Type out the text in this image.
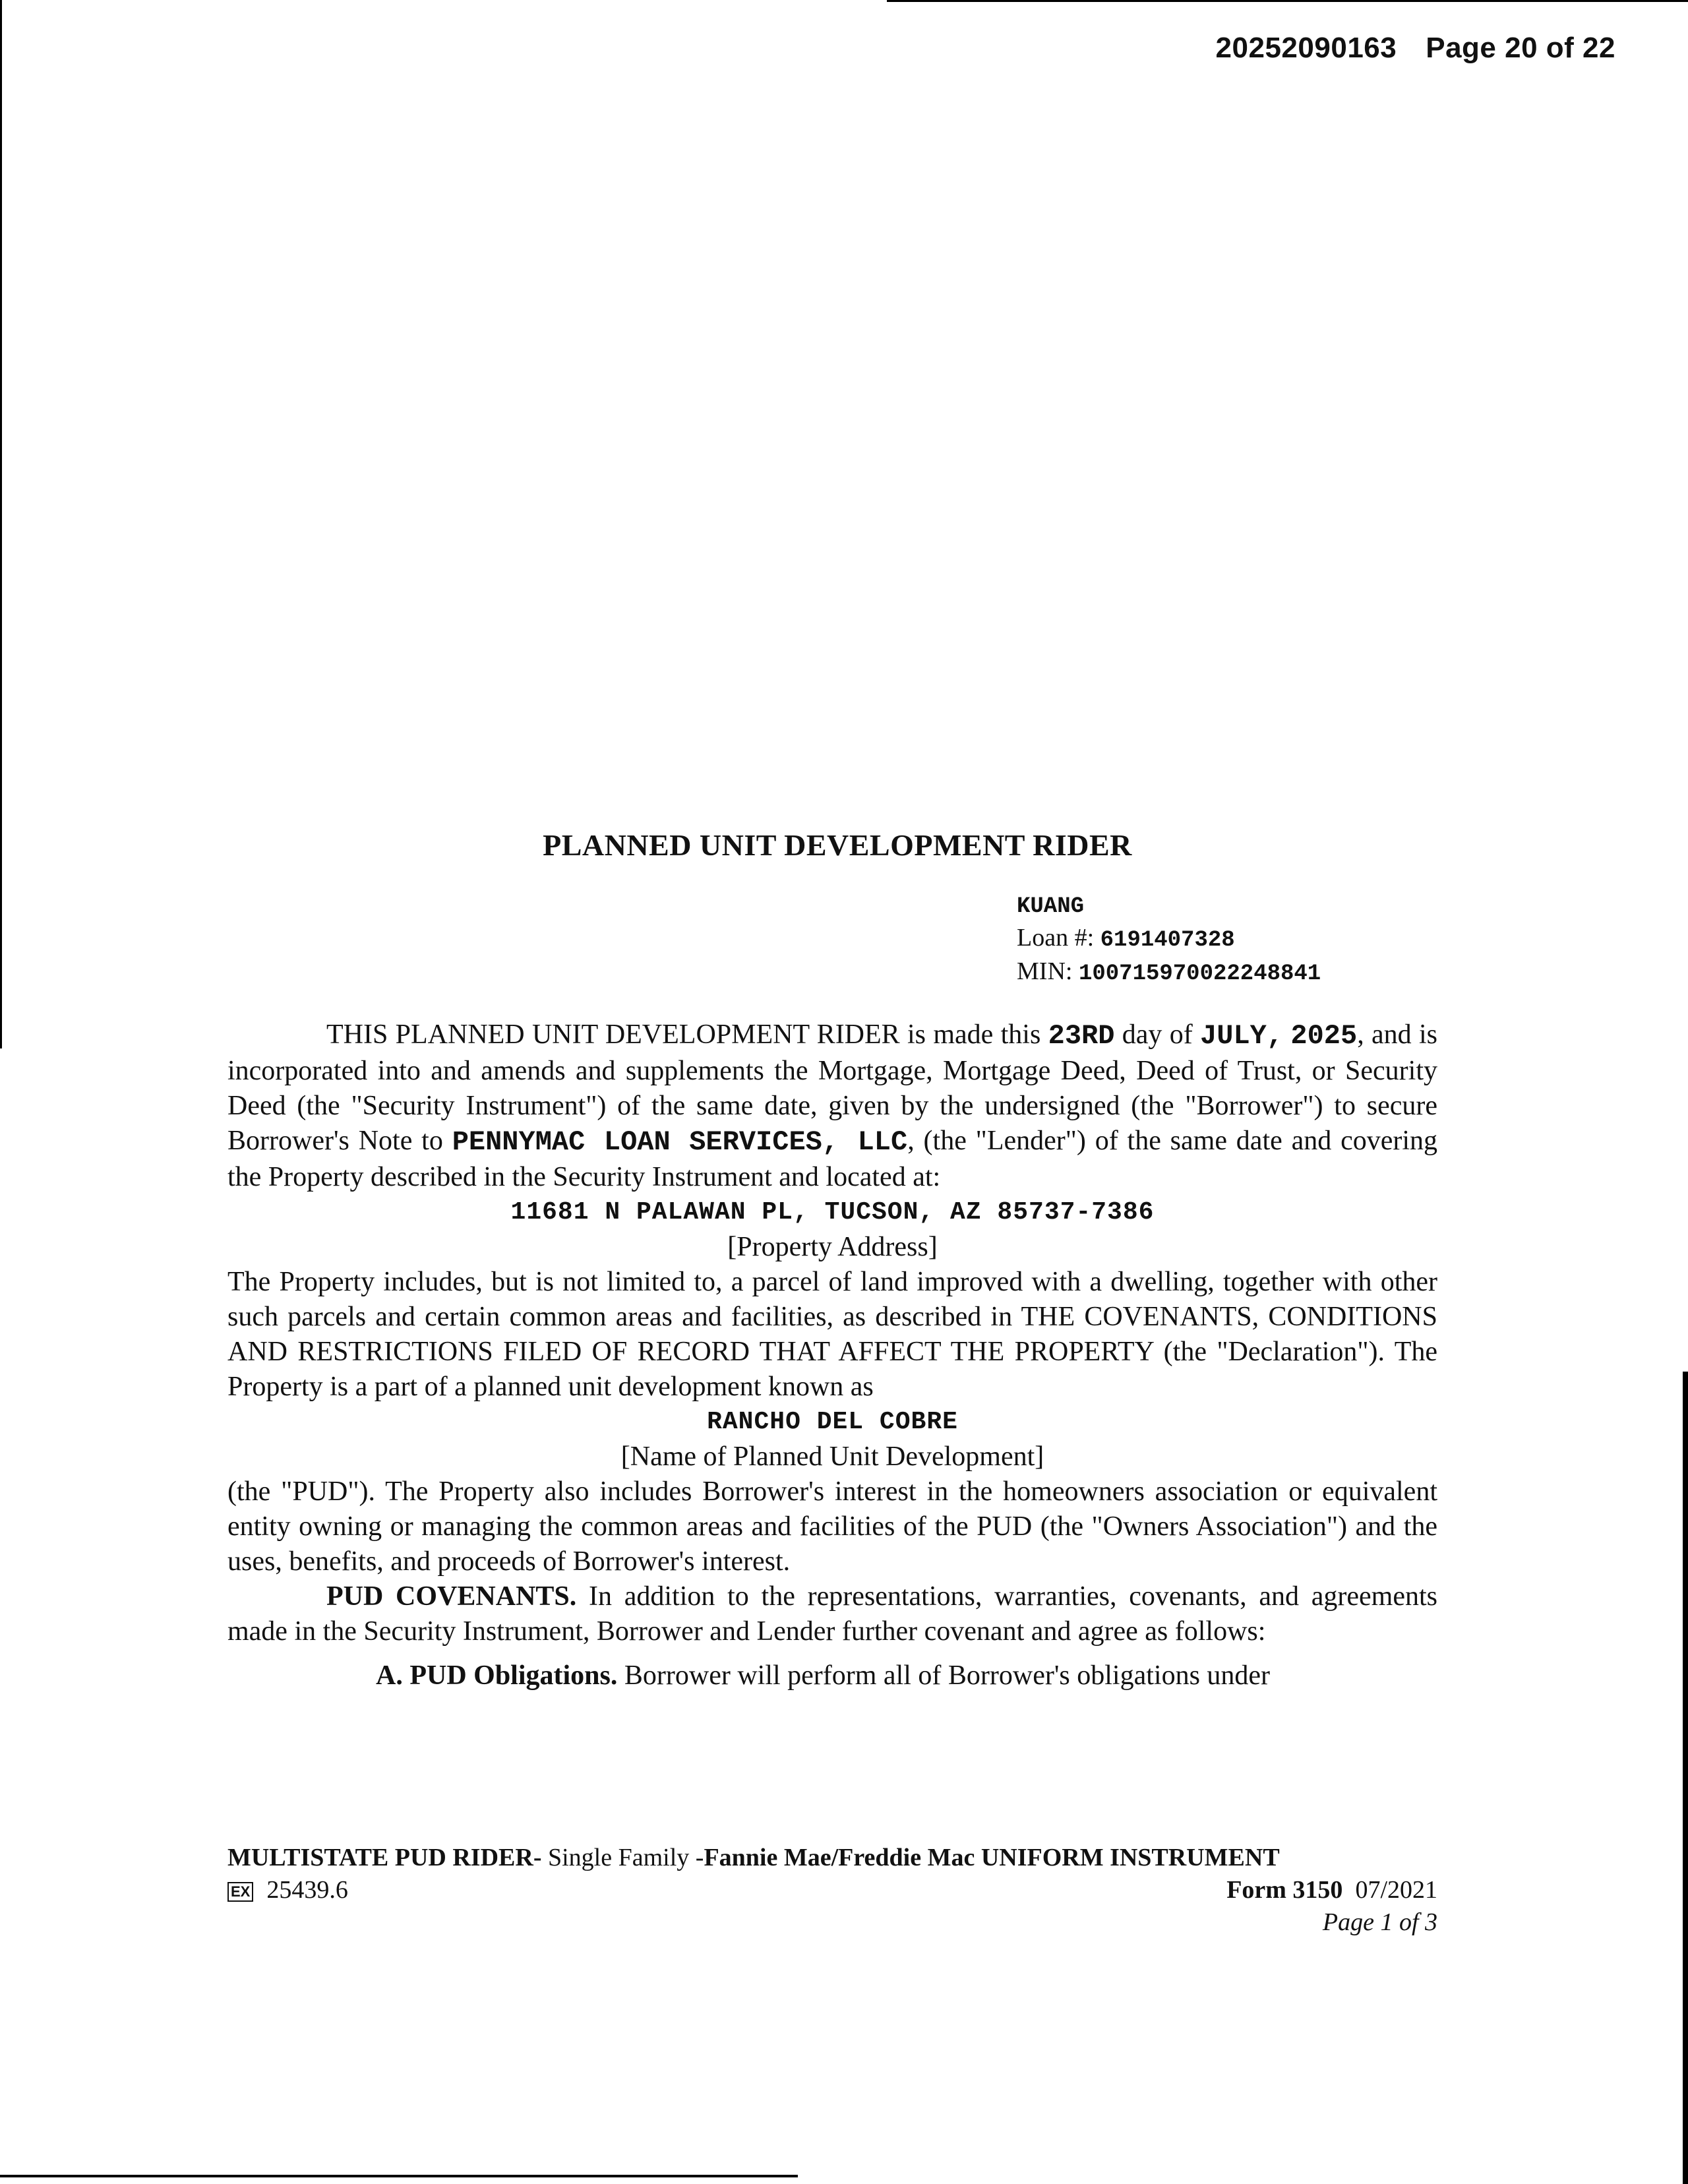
20252090163 Page 20 of 22
PLANNED UNIT DEVELOPMENT RIDER
KUANG
Loan #: 6191407328
MIN: 100715970022248841

THIS PLANNED UNIT DEVELOPMENT RIDER is made this 23RD day of JULY, 2025, and is incorporated into and amends and supplements the Mortgage, Mortgage Deed, Deed of Trust, or Security Deed (the "Security Instrument") of the same date, given by the undersigned (the "Borrower") to secure Borrower's Note to PENNYMAC LOAN SERVICES, LLC, (the "Lender") of the same date and covering the Property described in the Security Instrument and located at:

11681 N PALAWAN PL, TUCSON, AZ 85737-7386

[Property Address]

The Property includes, but is not limited to, a parcel of land improved with a dwelling, together with other such parcels and certain common areas and facilities, as described in THE COVENANTS, CONDITIONS AND RESTRICTIONS FILED OF RECORD THAT AFFECT THE PROPERTY (the "Declaration"). The Property is a part of a planned unit development known as

RANCHO DEL COBRE

[Name of Planned Unit Development]

(the "PUD"). The Property also includes Borrower's interest in the homeowners association or equivalent entity owning or managing the common areas and facilities of the PUD (the "Owners Association") and the uses, benefits, and proceeds of Borrower's interest.

PUD COVENANTS. In addition to the representations, warranties, covenants, and agreements made in the Security Instrument, Borrower and Lender further covenant and agree as follows:

A. PUD Obligations. Borrower will perform all of Borrower's obligations under

MULTISTATE PUD RIDER- Single Family -Fannie Mae/Freddie Mac UNIFORM INSTRUMENT
EX 25439.6	Form 3150 07/2021
Page 1 of 3
